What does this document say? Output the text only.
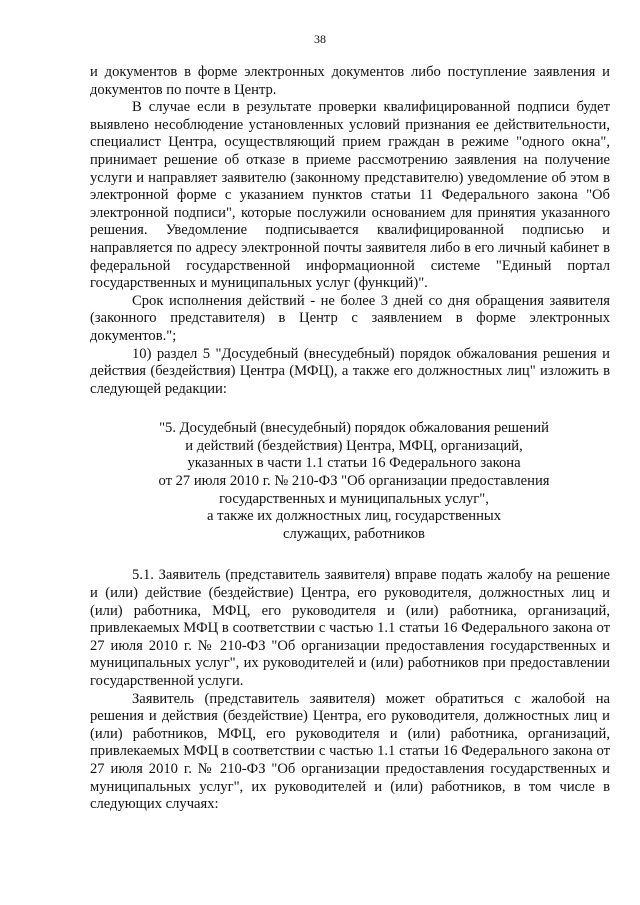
38

и документов в форме электронных документов либо поступление заявления и документов по почте в Центр.

В случае если в результате проверки квалифицированной подписи будет выявлено несоблюдение установленных условий признания ее действительности, специалист Центра, осуществляющий прием граждан в режиме "одного окна", принимает решение об отказе в приеме рассмотрению заявления на получение услуги и направляет заявителю (законному представителю) уведомление об этом в электронной форме с указанием пунктов статьи 11 Федерального закона "Об электронной подписи", которые послужили основанием для принятия указанного решения. Уведомление подписывается квалифицированной подписью и направляется по адресу электронной почты заявителя либо в его личный кабинет в федеральной государственной информационной системе "Единый портал государственных и муниципальных услуг (функций)".

Срок исполнения действий - не более 3 дней со дня обращения заявителя (законного представителя) в Центр с заявлением в форме электронных документов.";

10) раздел 5 "Досудебный (внесудебный) порядок обжалования решения и действия (бездействия) Центра (МФЦ), а также его должностных лиц" изложить в следующей редакции:

"5. Досудебный (внесудебный) порядок обжалования решений
и действий (бездействия) Центра, МФЦ, организаций,
указанных в части 1.1 статьи 16 Федерального закона
от 27 июля 2010 г. № 210-ФЗ "Об организации предоставления
государственных и муниципальных услуг",
а также их должностных лиц, государственных
служащих, работников

5.1. Заявитель (представитель заявителя) вправе подать жалобу на решение и (или) действие (бездействие) Центра, его руководителя, должностных лиц и (или) работника, МФЦ, его руководителя и (или) работника, организаций, привлекаемых МФЦ в соответствии с частью 1.1 статьи 16 Федерального закона от 27 июля 2010 г. № 210-ФЗ "Об организации предоставления государственных и муниципальных услуг", их руководителей и (или) работников при предоставлении государственной услуги.

Заявитель (представитель заявителя) может обратиться с жалобой на решения и действия (бездействие) Центра, его руководителя, должностных лиц и (или) работников, МФЦ, его руководителя и (или) работника, организаций, привлекаемых МФЦ в соответствии с частью 1.1 статьи 16 Федерального закона от 27 июля 2010 г. № 210-ФЗ "Об организации предоставления государственных и муниципальных услуг", их руководителей и (или) работников, в том числе в следующих случаях:
